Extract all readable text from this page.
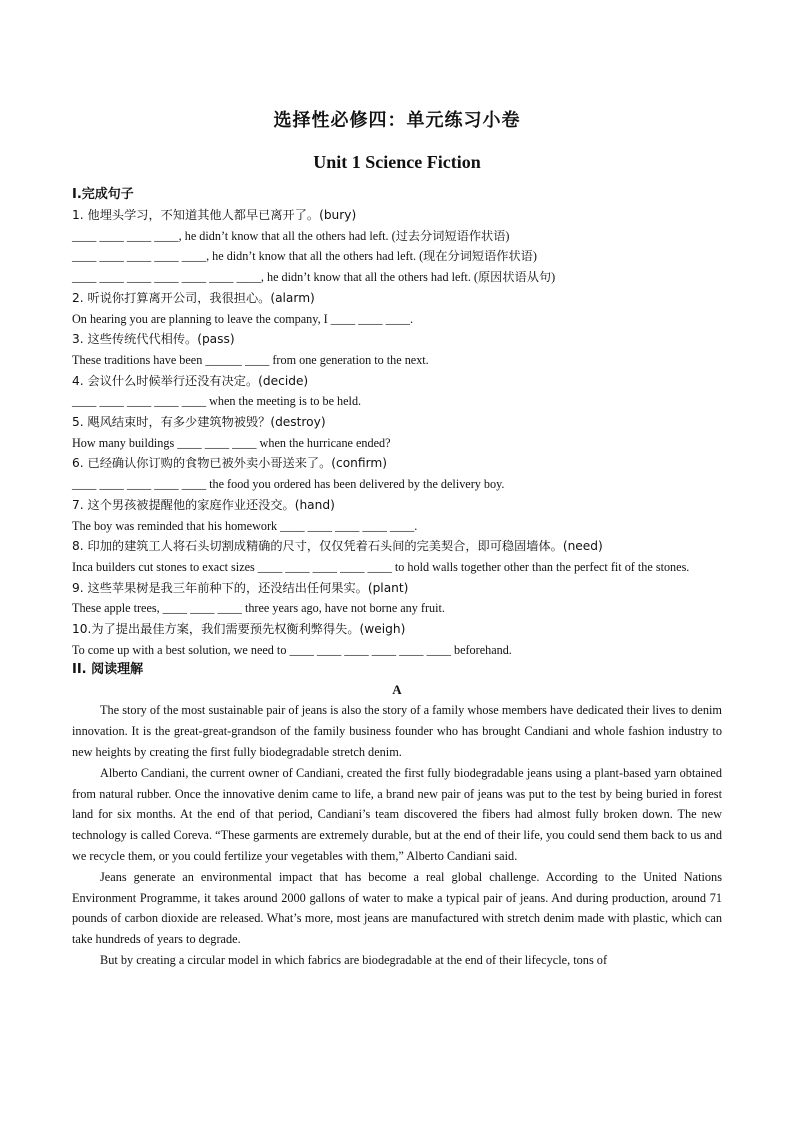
选择性必修四：单元练习小卷
Unit 1 Science Fiction
I.完成句子
1. 他埋头学习，不知道其他人都早已离开了。(bury)
____ ____ ____ ____, he didn’t know that all the others had left. (过去分词短语作状语)
____ ____ ____ ____ ____, he didn’t know that all the others had left. (现在分词短语作状语)
____ ____ ____ ____ ____ ____ ____, he didn’t know that all the others had left. (原因状语从句)
2. 听说你打算离开公司，我很担心。(alarm)
On hearing you are planning to leave the company, I ____ ____ ____.
3. 这些传统代代相传。(pass)
These traditions have been ______ ____ from one generation to the next.
4. 会议什么时候举行还没有决定。(decide)
____ ____ ____ ____ ____ when the meeting is to be held.
5. 飓风结束时，有多少建筑物被毁？(destroy)
How many buildings ____ ____ ____ when the hurricane ended?
6. 已经确认你订购的食物已被外卖小哥送来了。(confirm)
____ ____ ____ ____ ____ the food you ordered has been delivered by the delivery boy.
7. 这个男孩被提醒他的家庭作业还没交。(hand)
The boy was reminded that his homework ____ ____ ____ ____ ____.
8. 印加的建筑工人将石头切割成精确的尺寸，仅仅凭着石头间的完美契合，即可稳固墙体。(need)
Inca builders cut stones to exact sizes ____ ____ ____ ____ ____ to hold walls together other than the perfect fit of the stones.
9. 这些苹果树是我三年前种下的，还没结出任何果实。(plant)
These apple trees, ____ ____ ____ three years ago, have not borne any fruit.
10.为了提出最佳方案，我们需要预先权衡利弊得失。(weigh)
To come up with a best solution, we need to ____ ____ ____ ____ ____ ____ beforehand.
II. 阅读理解
A

The story of the most sustainable pair of jeans is also the story of a family whose members have dedicated their lives to denim innovation. It is the great-great-grandson of the family business founder who has brought Candiani and whole fashion industry to new heights by creating the first fully biodegradable stretch denim.

Alberto Candiani, the current owner of Candiani, created the first fully biodegradable jeans using a plant-based yarn obtained from natural rubber. Once the innovative denim came to life, a brand new pair of jeans was put to the test by being buried in forest land for six months. At the end of that period, Candiani’s team discovered the fibers had almost fully broken down. The new technology is called Coreva. “These garments are extremely durable, but at the end of their life, you could send them back to us and we recycle them, or you could fertilize your vegetables with them,” Alberto Candiani said.

Jeans generate an environmental impact that has become a real global challenge. According to the United Nations Environment Programme, it takes around 2000 gallons of water to make a typical pair of jeans. And during production, around 71 pounds of carbon dioxide are released. What’s more, most jeans are manufactured with stretch denim made with plastic, which can take hundreds of years to degrade.

But by creating a circular model in which fabrics are biodegradable at the end of their lifecycle, tons of
